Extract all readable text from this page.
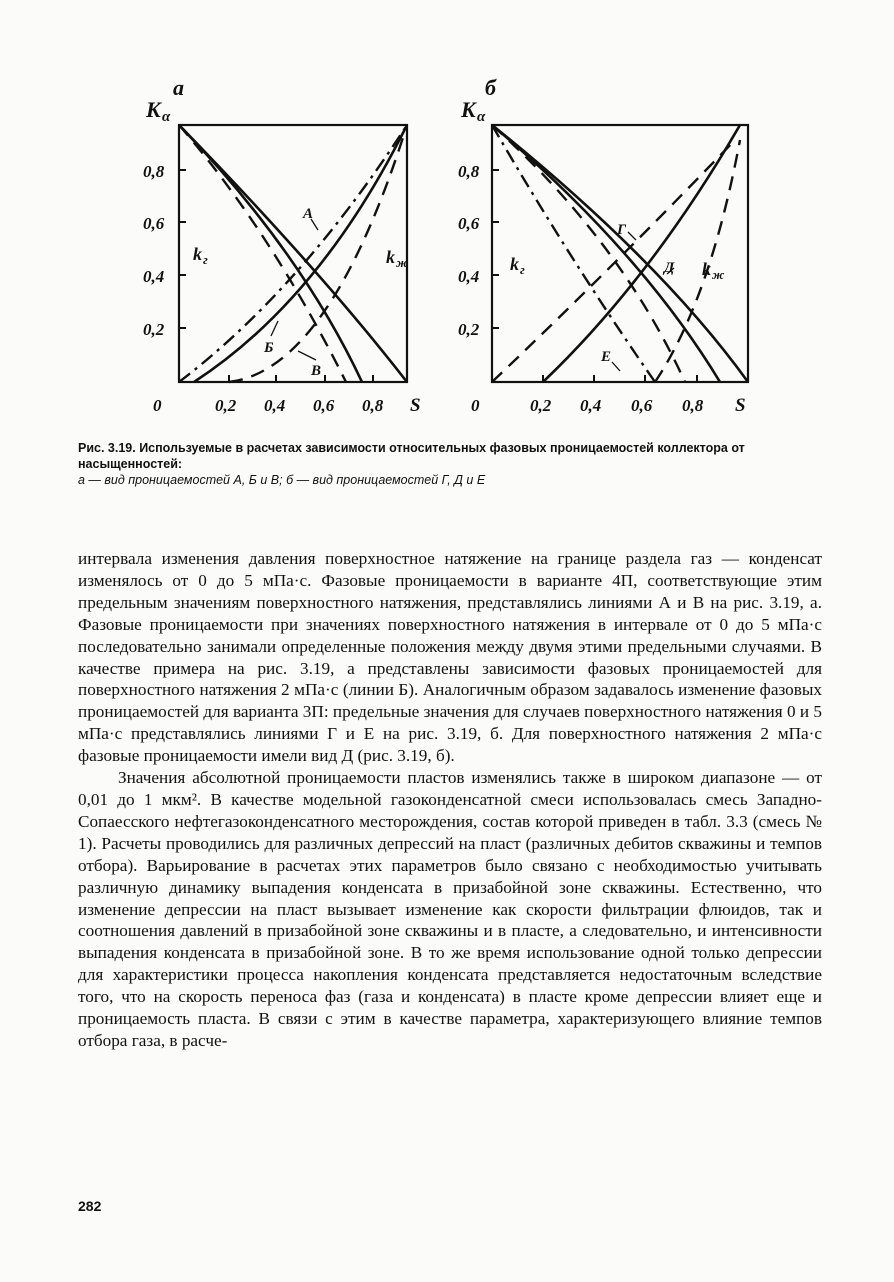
а
K α
0,8
0,6
0,4
0,2
0	0,2 0,4 0,6 0,8 S
k г	k ж
А
Б
В
б
K α
0,8
0,6
0,4
0,2
0	0,2 0,4 0,6 0,8 S
k г	k ж
Г
Д
Е
Рис. 3.19. Используемые в расчетах зависимости относительных фазовых проницаемостей коллектора от насыщенностей:
а — вид проницаемостей А, Б и В; б — вид проницаемостей Г, Д и Е

интервала изменения давления поверхностное натяжение на границе раздела газ — конденсат изменялось от 0 до 5 мПа·с. Фазовые проницаемости в варианте 4П, соответствующие этим предельным значениям поверхностного натяжения, представлялись линиями А и В на рис. 3.19, а. Фазовые проницаемости при значениях поверхностного натяжения в интервале от 0 до 5 мПа·с последовательно занимали определенные положения между двумя этими предельными случаями. В качестве примера на рис. 3.19, а представлены зависимости фазовых проницаемостей для поверхностного натяжения 2 мПа·с (линии Б). Аналогичным образом задавалось изменение фазовых проницаемостей для варианта 3П: предельные значения для случаев поверхностного натяжения 0 и 5 мПа·с представлялись линиями Г и Е на рис. 3.19, б. Для поверхностного натяжения 2 мПа·с фазовые проницаемости имели вид Д (рис. 3.19, б).

Значения абсолютной проницаемости пластов изменялись также в широком диапазоне — от 0,01 до 1 мкм². В качестве модельной газоконденсатной смеси использовалась смесь Западно-Сопаесского нефтегазоконденсатного месторождения, состав которой приведен в табл. 3.3 (смесь № 1). Расчеты проводились для различных депрессий на пласт (различных дебитов скважины и темпов отбора). Варьирование в расчетах этих параметров было связано с необходимостью учитывать различную динамику выпадения конденсата в призабойной зоне скважины. Естественно, что изменение депрессии на пласт вызывает изменение как скорости фильтрации флюидов, так и соотношения давлений в призабойной зоне скважины и в пласте, а следовательно, и интенсивности выпадения конденсата в призабойной зоне. В то же время использование одной только депрессии для характеристики процесса накопления конденсата представляется недостаточным вследствие того, что на скорость переноса фаз (газа и конденсата) в пласте кроме депрессии влияет еще и проницаемость пласта. В связи с этим в качестве параметра, характеризующего влияние темпов отбора газа, в расче-

282
